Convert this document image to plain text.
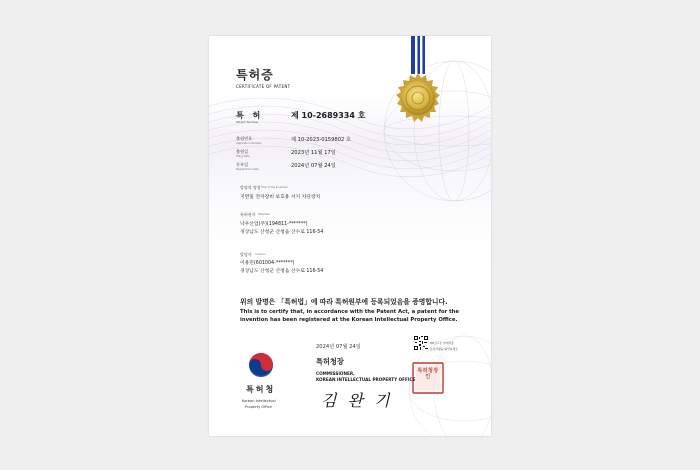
특허증
CERTIFICATE OF PATENT
특 허
Patent Number
제 10-2689334 호
출원번호
Application Number
제 10-2023-0159802 호
출원일
Filing Date
2023년 11월 17일
등록일
Registration Date
2024년 07월 24일
발명의 명칭 Title of the Invention
지면밀 전자장비 보호용 서지 차단장치
특허권자 Patentee
낙우산업(주)(194811-*******)
경상남도 산청군 산청읍 산수로 116-54
발명자 Inventor
이용민(601004-*******)
경상남도 산청군 산청읍 산수로 116-54
위의 발명은 「특허법」에 따라 특허원부에 등록되었음을 증명합니다.
This is to certify that, in accordance with the Patent Act, a patent for the
invention has been registered at the Korean Intellectual Property Office.
특허청
Korean Intellectual
Property Office
2024년 07월 24일
특허청장
COMMISSIONER,
KOREAN INTELLECTUAL PROPERTY OFFICE
김 완 기
QR코드로 현재기준
등록사항을 확인하세요
특허청장인
